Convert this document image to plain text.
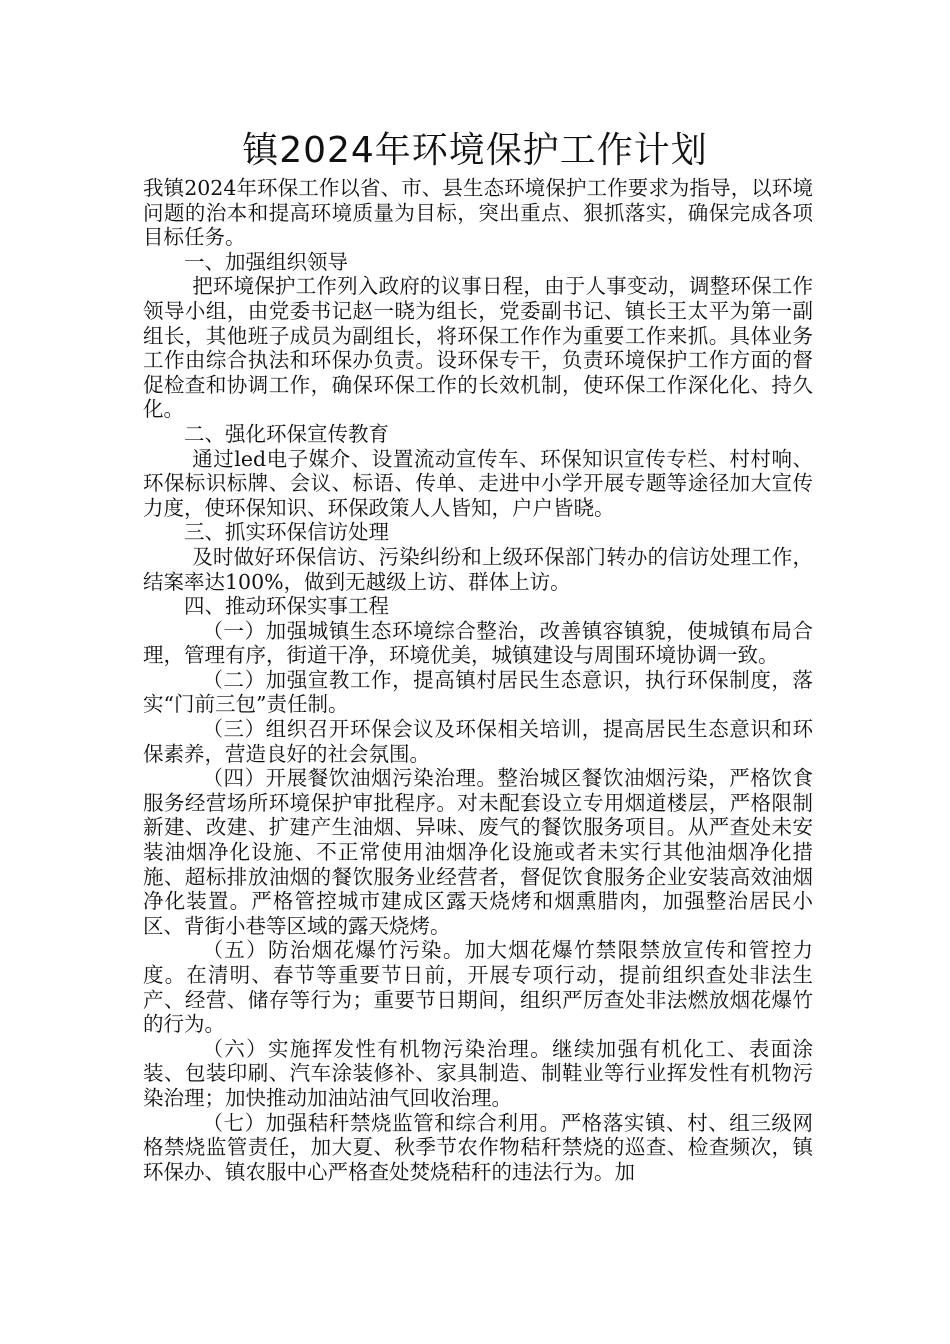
镇2024年环境保护工作计划

我镇2024年环保工作以省、市、县生态环境保护工作要求为指导，以环境问题的治本和提高环境质量为目标，突出重点、狠抓落实，确保完成各项目标任务。

一、加强组织领导

把环境保护工作列入政府的议事日程，由于人事变动，调整环保工作领导小组，由党委书记赵一晓为组长，党委副书记、镇长王太平为第一副组长，其他班子成员为副组长，将环保工作作为重要工作来抓。具体业务工作由综合执法和环保办负责。设环保专干，负责环境保护工作方面的督促检查和协调工作，确保环保工作的长效机制，使环保工作深化化、持久化。

二、强化环保宣传教育

通过led电子媒介、设置流动宣传车、环保知识宣传专栏、村村响、环保标识标牌、会议、标语、传单、走进中小学开展专题等途径加大宣传力度，使环保知识、环保政策人人皆知，户户皆晓。

三、抓实环保信访处理

及时做好环保信访、污染纠纷和上级环保部门转办的信访处理工作，结案率达100%，做到无越级上访、群体上访。

四、推动环保实事工程

（一）加强城镇生态环境综合整治，改善镇容镇貌，使城镇布局合理，管理有序，街道干净，环境优美，城镇建设与周围环境协调一致。

（二）加强宣教工作，提高镇村居民生态意识，执行环保制度，落实“门前三包”责任制。

（三）组织召开环保会议及环保相关培训，提高居民生态意识和环保素养，营造良好的社会氛围。

（四）开展餐饮油烟污染治理。整治城区餐饮油烟污染，严格饮食服务经营场所环境保护审批程序。对未配套设立专用烟道楼层，严格限制新建、改建、扩建产生油烟、异味、废气的餐饮服务项目。从严查处未安装油烟净化设施、不正常使用油烟净化设施或者未实行其他油烟净化措施、超标排放油烟的餐饮服务业经营者，督促饮食服务企业安装高效油烟净化装置。严格管控城市建成区露天烧烤和烟熏腊肉，加强整治居民小区、背街小巷等区域的露天烧烤。

（五）防治烟花爆竹污染。加大烟花爆竹禁限禁放宣传和管控力度。在清明、春节等重要节日前，开展专项行动，提前组织查处非法生产、经营、储存等行为；重要节日期间，组织严厉查处非法燃放烟花爆竹的行为。

（六）实施挥发性有机物污染治理。继续加强有机化工、表面涂装、包装印刷、汽车涂装修补、家具制造、制鞋业等行业挥发性有机物污染治理；加快推动加油站油气回收治理。

（七）加强秸秆禁烧监管和综合利用。严格落实镇、村、组三级网格禁烧监管责任，加大夏、秋季节农作物秸秆禁烧的巡查、检查频次，镇环保办、镇农服中心严格查处焚烧秸秆的违法行为。加
